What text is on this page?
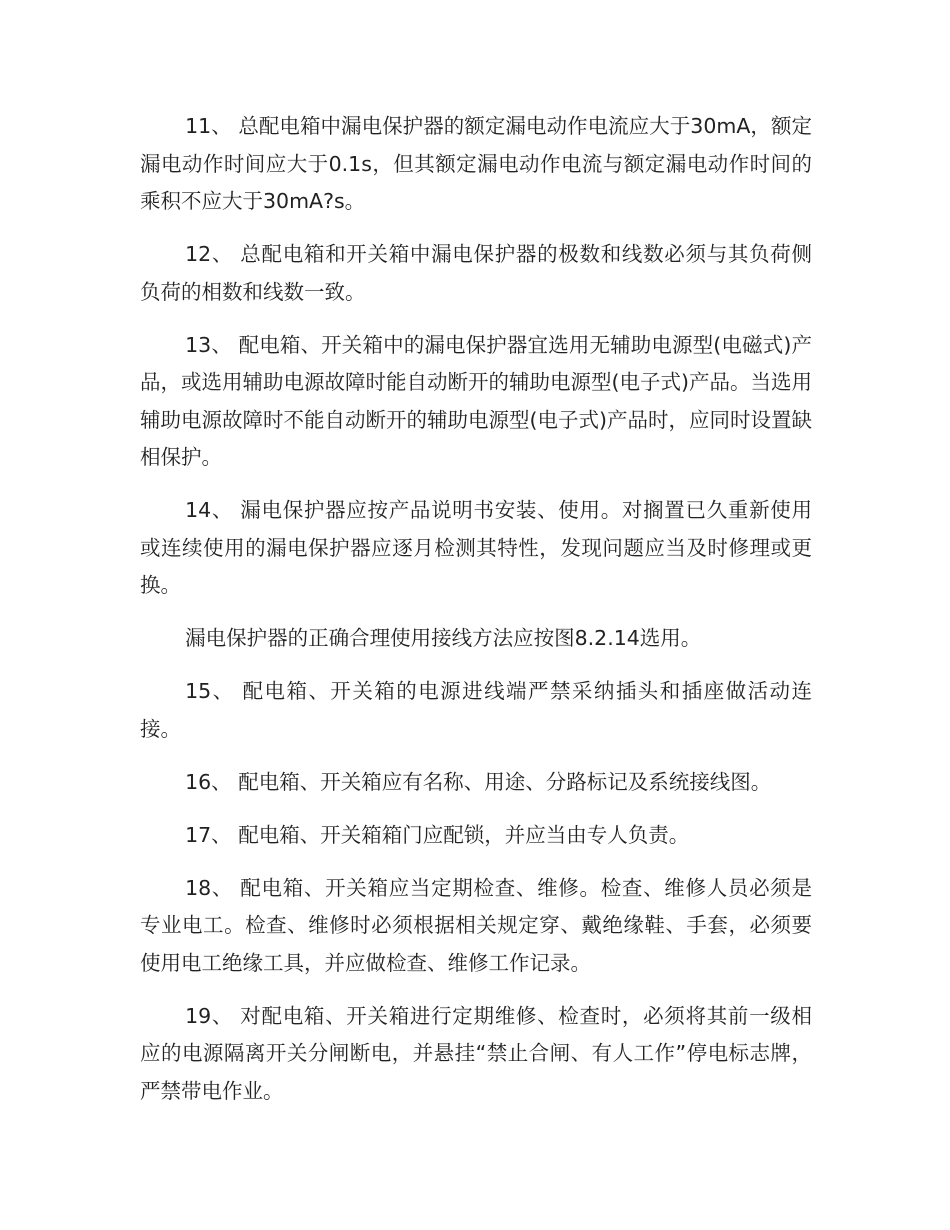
11、 总配电箱中漏电保护器的额定漏电动作电流应大于30mA，额定漏电动作时间应大于0.1s，但其额定漏电动作电流与额定漏电动作时间的乘积不应大于30mA?s。

12、 总配电箱和开关箱中漏电保护器的极数和线数必须与其负荷侧负荷的相数和线数一致。

13、 配电箱、开关箱中的漏电保护器宜选用无辅助电源型(电磁式)产品，或选用辅助电源故障时能自动断开的辅助电源型(电子式)产品。当选用辅助电源故障时不能自动断开的辅助电源型(电子式)产品时，应同时设置缺相保护。

14、 漏电保护器应按产品说明书安装、使用。对搁置已久重新使用或连续使用的漏电保护器应逐月检测其特性，发现问题应当及时修理或更换。

漏电保护器的正确合理使用接线方法应按图8.2.14选用。

15、 配电箱、开关箱的电源进线端严禁采纳插头和插座做活动连接。

16、 配电箱、开关箱应有名称、用途、分路标记及系统接线图。

17、 配电箱、开关箱箱门应配锁，并应当由专人负责。

18、 配电箱、开关箱应当定期检查、维修。检查、维修人员必须是专业电工。检查、维修时必须根据相关规定穿、戴绝缘鞋、手套，必须要使用电工绝缘工具，并应做检查、维修工作记录。

19、 对配电箱、开关箱进行定期维修、检查时，必须将其前一级相应的电源隔离开关分闸断电，并悬挂“禁止合闸、有人工作”停电标志牌，严禁带电作业。
